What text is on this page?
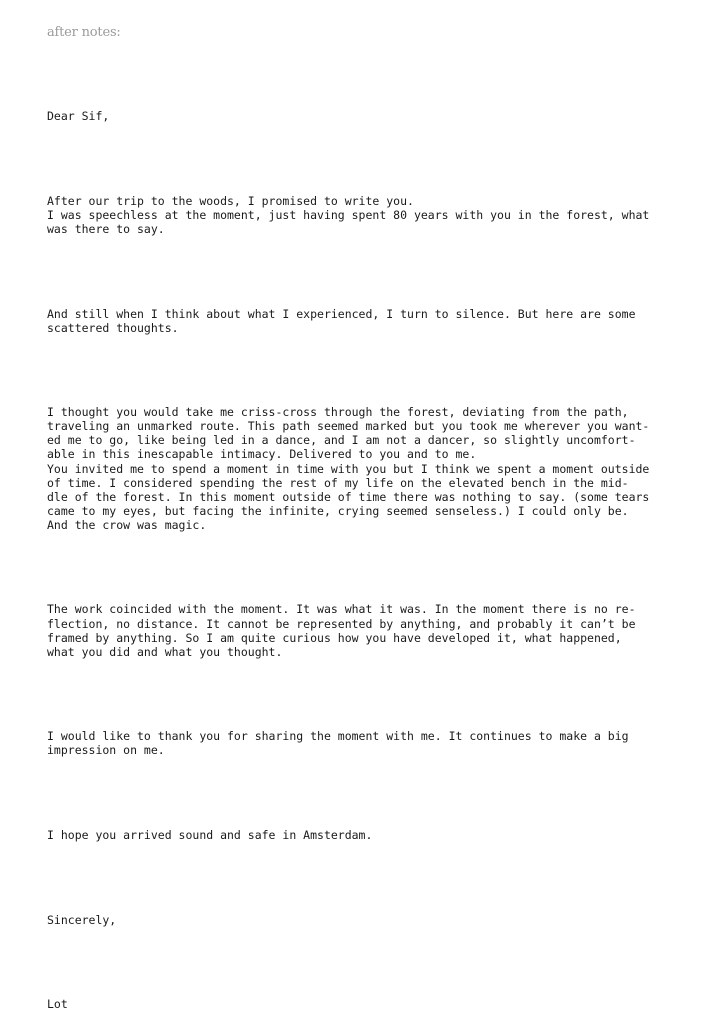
after notes:

Dear Sif,

After our trip to the woods, I promised to write you.
I was speechless at the moment, just having spent 80 years with you in the forest, what
was there to say.

And still when I think about what I experienced, I turn to silence. But here are some
scattered thoughts.

I thought you would take me criss-cross through the forest, deviating from the path,
traveling an unmarked route. This path seemed marked but you took me wherever you want-
ed me to go, like being led in a dance, and I am not a dancer, so slightly uncomfort-
able in this inescapable intimacy. Delivered to you and to me.
You invited me to spend a moment in time with you but I think we spent a moment outside
of time. I considered spending the rest of my life on the elevated bench in the mid-
dle of the forest. In this moment outside of time there was nothing to say. (some tears
came to my eyes, but facing the infinite, crying seemed senseless.) I could only be.
And the crow was magic.

The work coincided with the moment. It was what it was. In the moment there is no re-
flection, no distance. It cannot be represented by anything, and probably it can’t be
framed by anything. So I am quite curious how you have developed it, what happened,
what you did and what you thought.

I would like to thank you for sharing the moment with me. It continues to make a big
impression on me.

I hope you arrived sound and safe in Amsterdam.

Sincerely,

Lot
